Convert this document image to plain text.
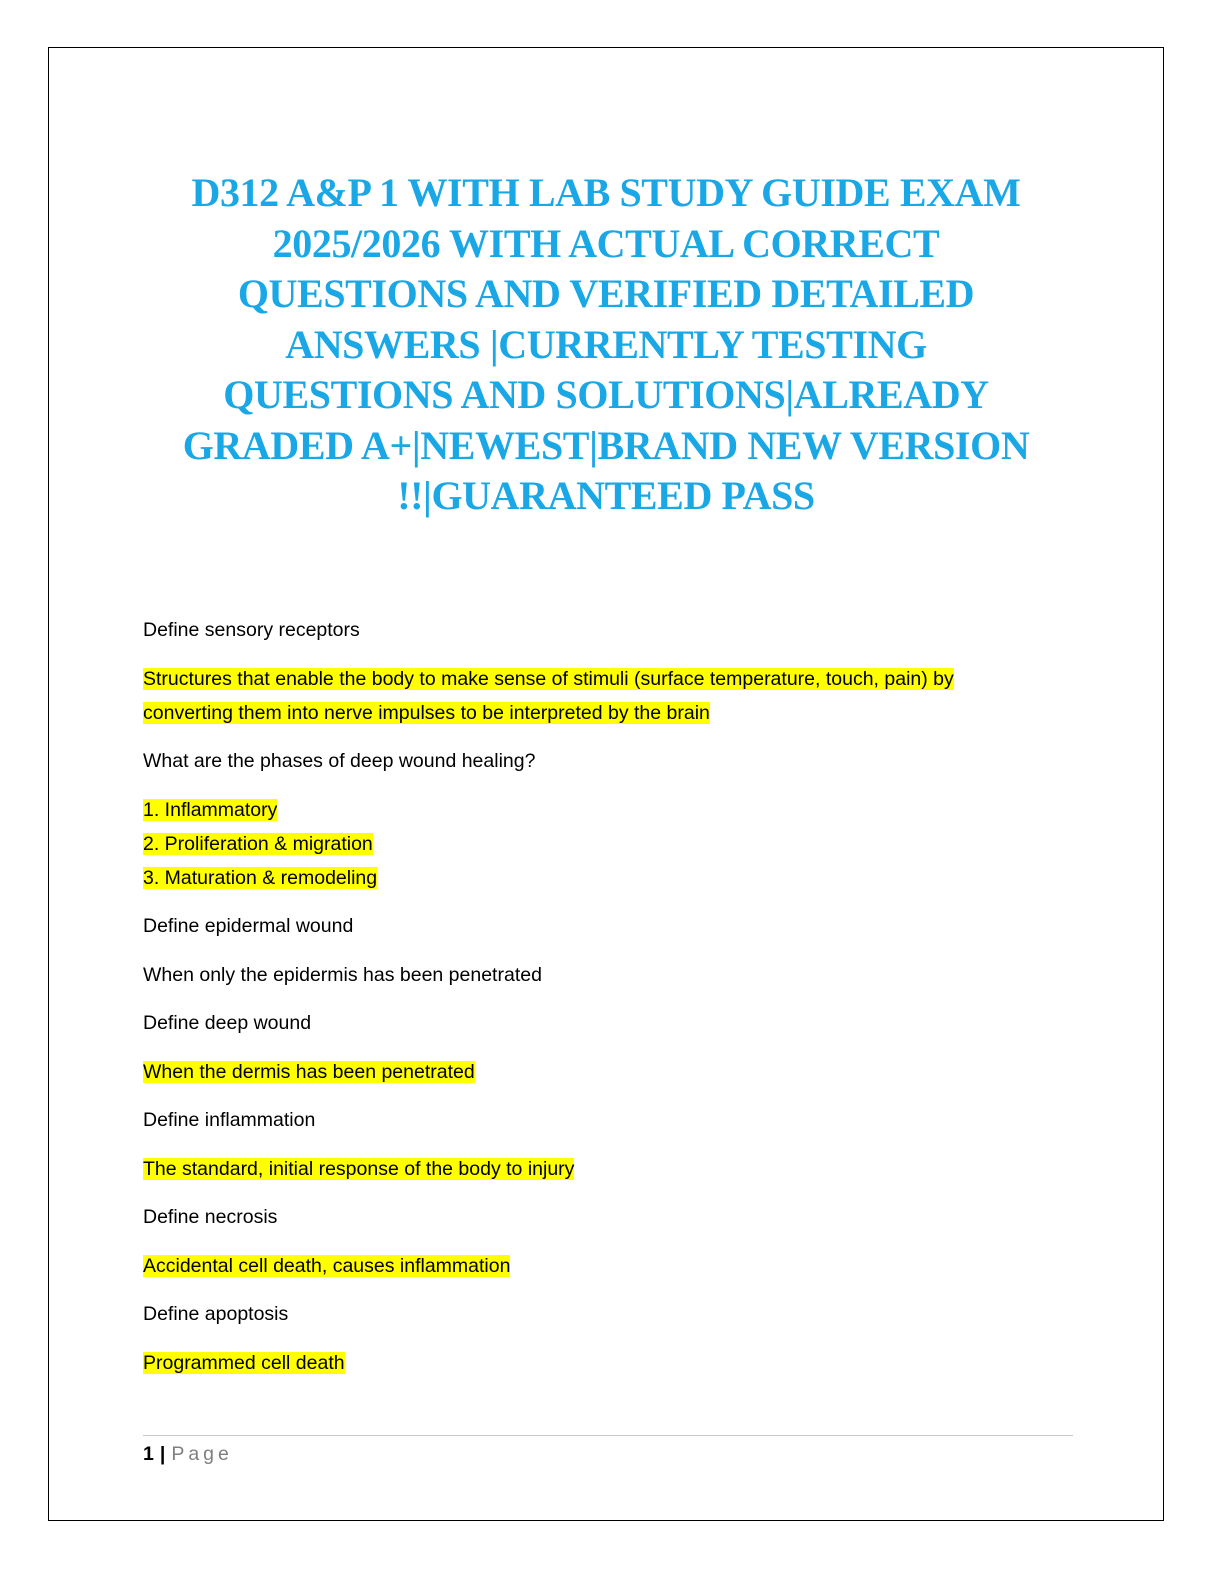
D312 A&P 1 WITH LAB STUDY GUIDE EXAM
2025/2026 WITH ACTUAL CORRECT
QUESTIONS AND VERIFIED DETAILED
ANSWERS |CURRENTLY TESTING
QUESTIONS AND SOLUTIONS|ALREADY
GRADED A+|NEWEST|BRAND NEW VERSION
!!|GUARANTEED PASS

Define sensory receptors

Structures that enable the body to make sense of stimuli (surface temperature, touch, pain) by
converting them into nerve impulses to be interpreted by the brain

What are the phases of deep wound healing?

1. Inflammatory
2. Proliferation & migration
3. Maturation & remodeling

Define epidermal wound

When only the epidermis has been penetrated

Define deep wound

When the dermis has been penetrated

Define inflammation

The standard, initial response of the body to injury

Define necrosis

Accidental cell death, causes inflammation

Define apoptosis

Programmed cell death

1 | Page
